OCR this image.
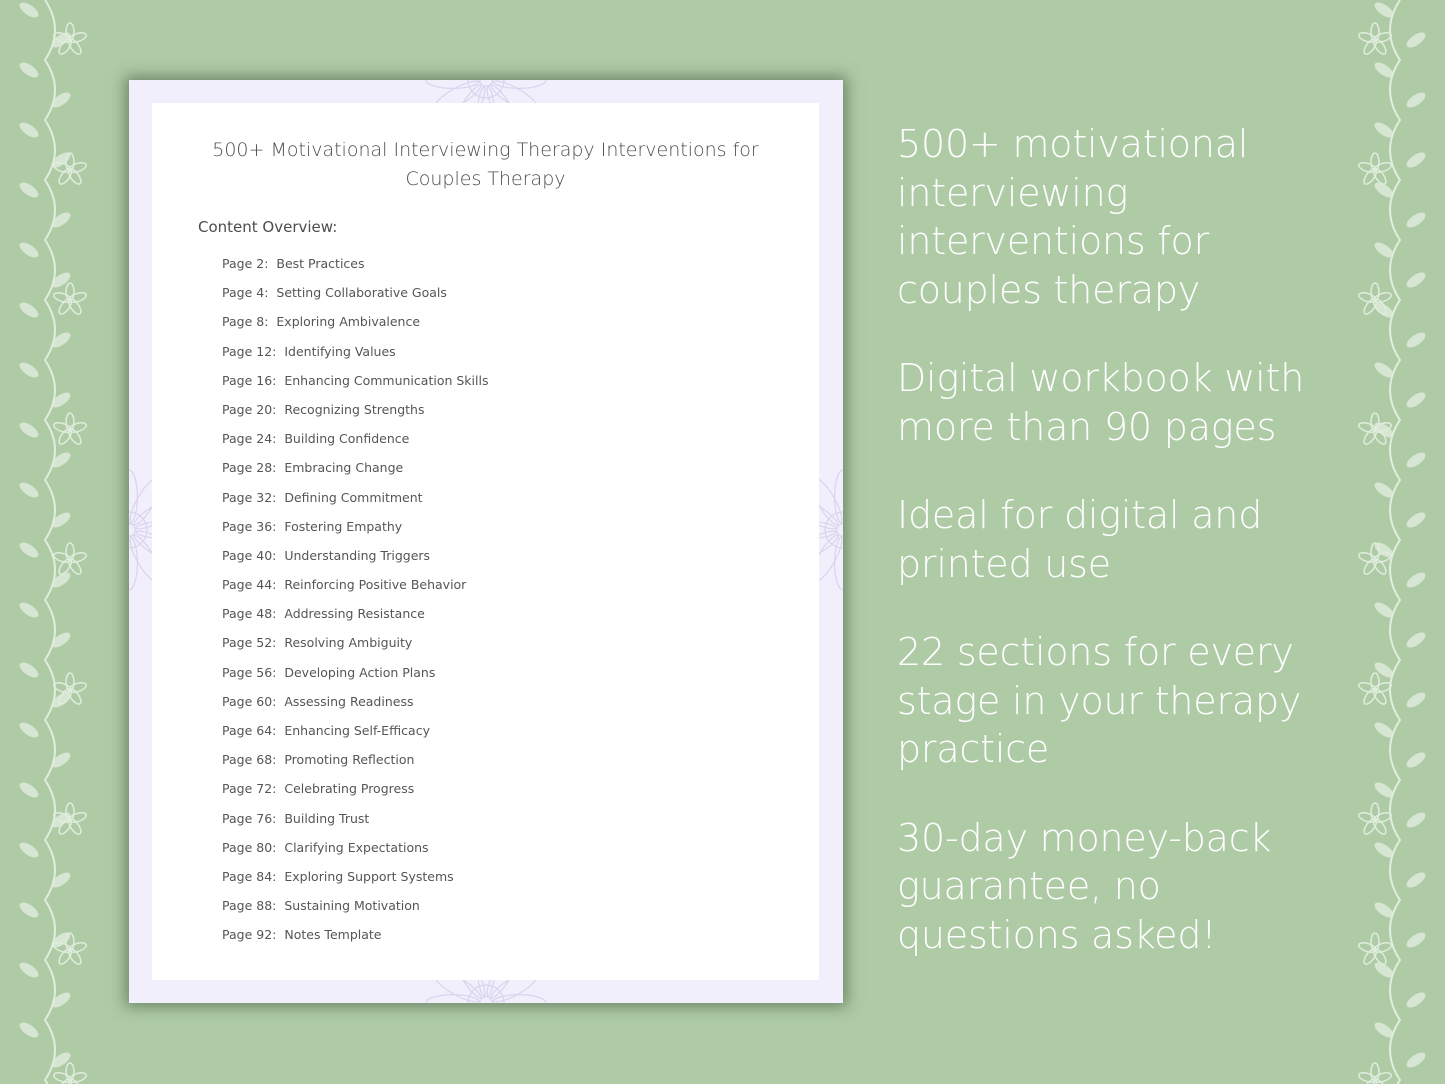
500+ Motivational Interviewing Therapy Interventions for
Couples Therapy
Content Overview:
Page 2: Best Practices
Page 4: Setting Collaborative Goals
Page 8: Exploring Ambivalence
Page 12: Identifying Values
Page 16: Enhancing Communication Skills
Page 20: Recognizing Strengths
Page 24: Building Confidence
Page 28: Embracing Change
Page 32: Defining Commitment
Page 36: Fostering Empathy
Page 40: Understanding Triggers
Page 44: Reinforcing Positive Behavior
Page 48: Addressing Resistance
Page 52: Resolving Ambiguity
Page 56: Developing Action Plans
Page 60: Assessing Readiness
Page 64: Enhancing Self-Efficacy
Page 68: Promoting Reflection
Page 72: Celebrating Progress
Page 76: Building Trust
Page 80: Clarifying Expectations
Page 84: Exploring Support Systems
Page 88: Sustaining Motivation
Page 92: Notes Template
500+ motivational
interviewing
interventions for
couples therapy
Digital workbook with
more than 90 pages
Ideal for digital and
printed use
22 sections for every
stage in your therapy
practice
30-day money-back
guarantee, no
questions asked!
